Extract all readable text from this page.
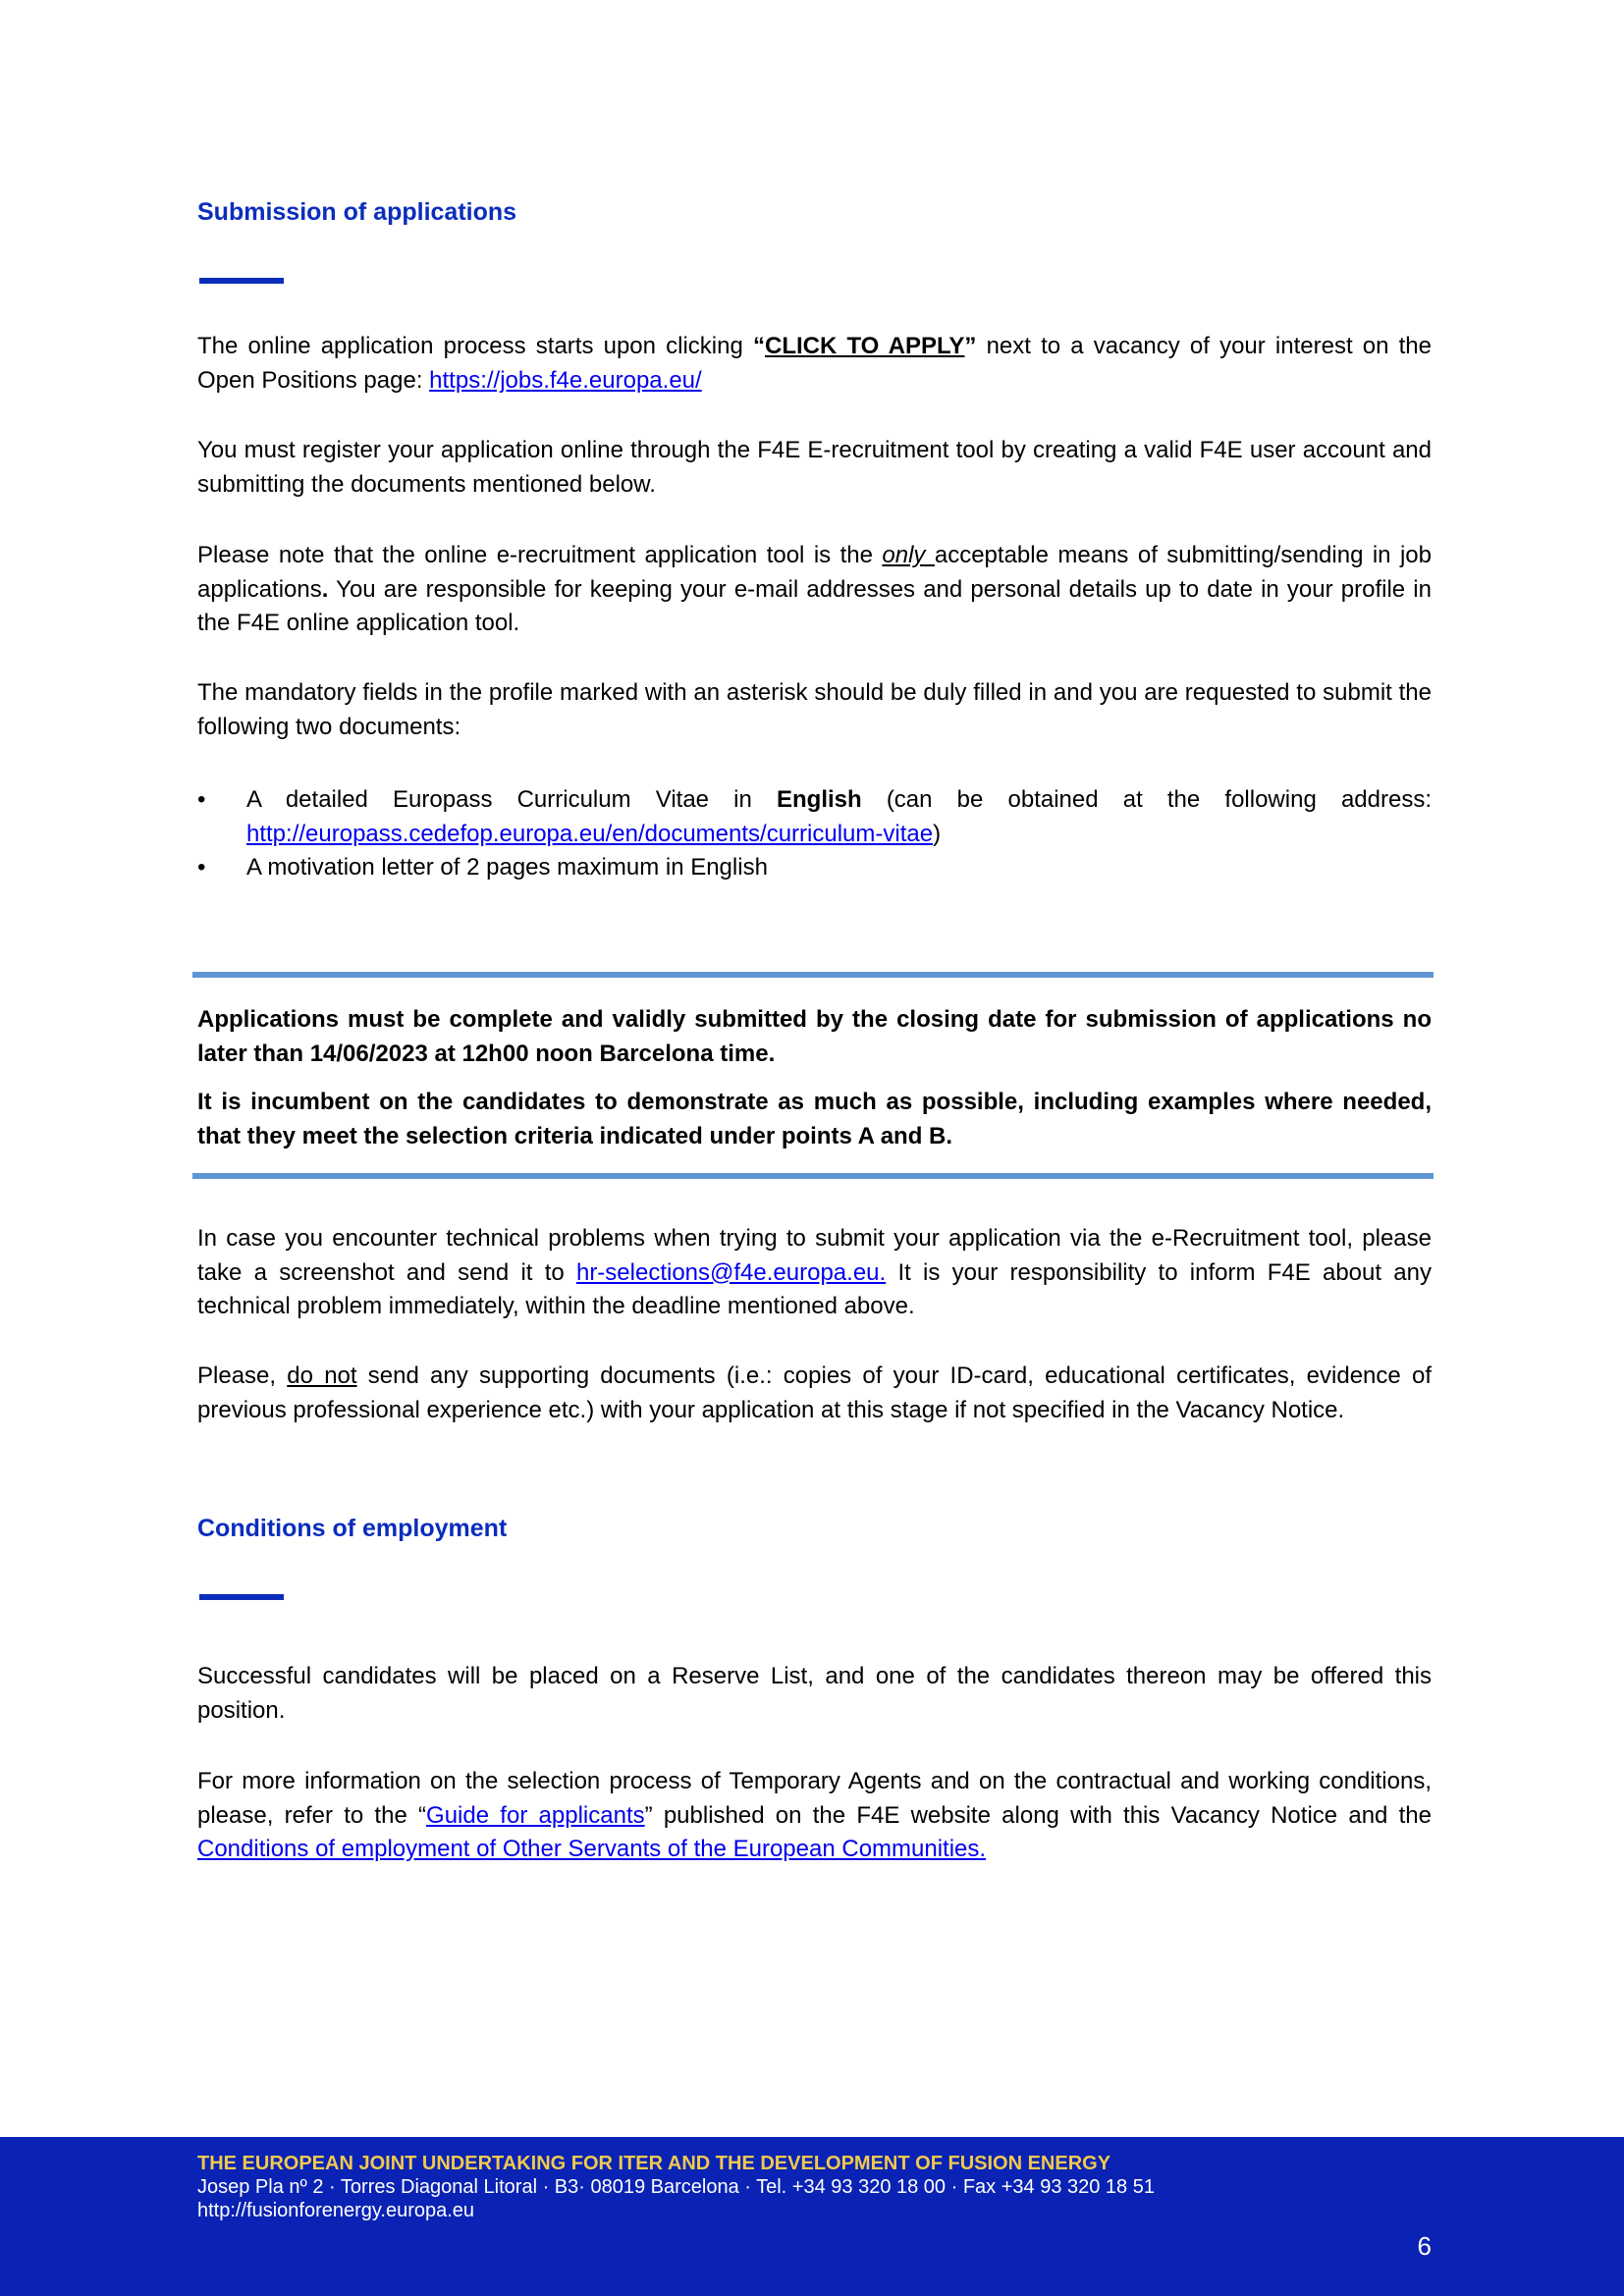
Submission of applications

The online application process starts upon clicking “CLICK TO APPLY” next to a vacancy of your interest on the Open Positions page: https://jobs.f4e.europa.eu/

You must register your application online through the F4E E-recruitment tool by creating a valid F4E user account and submitting the documents mentioned below.

Please note that the online e-recruitment application tool is the only acceptable means of submitting/sending in job applications. You are responsible for keeping your e-mail addresses and personal details up to date in your profile in the F4E online application tool.

The mandatory fields in the profile marked with an asterisk should be duly filled in and you are requested to submit the following two documents:

• A detailed Europass Curriculum Vitae in English (can be obtained at the following address: http://europass.cedefop.europa.eu/en/documents/curriculum-vitae)
• A motivation letter of 2 pages maximum in English
Applications must be complete and validly submitted by the closing date for submission of applications no later than 14/06/2023 at 12h00 noon Barcelona time.
It is incumbent on the candidates to demonstrate as much as possible, including examples where needed, that they meet the selection criteria indicated under points A and B.

In case you encounter technical problems when trying to submit your application via the e-Recruitment tool, please take a screenshot and send it to hr-selections@f4e.europa.eu. It is your responsibility to inform F4E about any technical problem immediately, within the deadline mentioned above.

Please, do not send any supporting documents (i.e.: copies of your ID-card, educational certificates, evidence of previous professional experience etc.) with your application at this stage if not specified in the Vacancy Notice.

Conditions of employment

Successful candidates will be placed on a Reserve List, and one of the candidates thereon may be offered this position.

For more information on the selection process of Temporary Agents and on the contractual and working conditions, please, refer to the “Guide for applicants” published on the F4E website along with this Vacancy Notice and the Conditions of employment of Other Servants of the European Communities.

THE EUROPEAN JOINT UNDERTAKING FOR ITER AND THE DEVELOPMENT OF FUSION ENERGY
Josep Pla nº 2 · Torres Diagonal Litoral · B3· 08019 Barcelona · Tel. +34 93 320 18 00 · Fax +34 93 320 18 51
http://fusionforenergy.europa.eu
6
